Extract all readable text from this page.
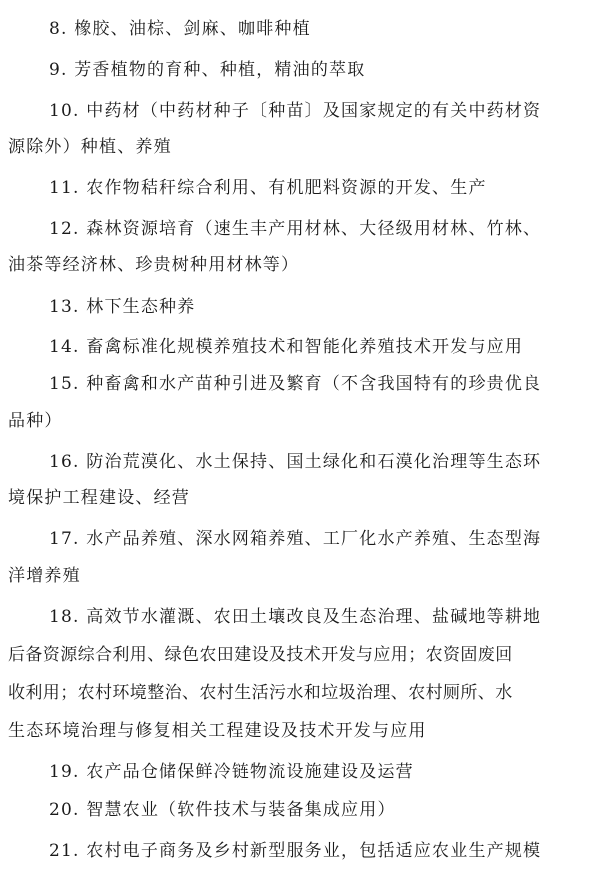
8. 橡胶、油棕、剑麻、咖啡种植
9. 芳香植物的育种、种植，精油的萃取
10. 中药材（中药材种子〔种苗〕及国家规定的有关中药材资
源除外）种植、养殖
11. 农作物秸秆综合利用、有机肥料资源的开发、生产
12. 森林资源培育（速生丰产用材林、大径级用材林、竹林、
油茶等经济林、珍贵树种用材林等）
13. 林下生态种养
14. 畜禽标准化规模养殖技术和智能化养殖技术开发与应用
15. 种畜禽和水产苗种引进及繁育（不含我国特有的珍贵优良
品种）
16. 防治荒漠化、水土保持、国土绿化和石漠化治理等生态环
境保护工程建设、经营
17. 水产品养殖、深水网箱养殖、工厂化水产养殖、生态型海
洋增养殖
18. 高效节水灌溉、农田土壤改良及生态治理、盐碱地等耕地
后备资源综合利用、绿色农田建设及技术开发与应用；农资固废回
收利用；农村环境整治、农村生活污水和垃圾治理、农村厕所、水
生态环境治理与修复相关工程建设及技术开发与应用
19. 农产品仓储保鲜冷链物流设施建设及运营
20. 智慧农业（软件技术与装备集成应用）
21. 农村电子商务及乡村新型服务业，包括适应农业生产规模
